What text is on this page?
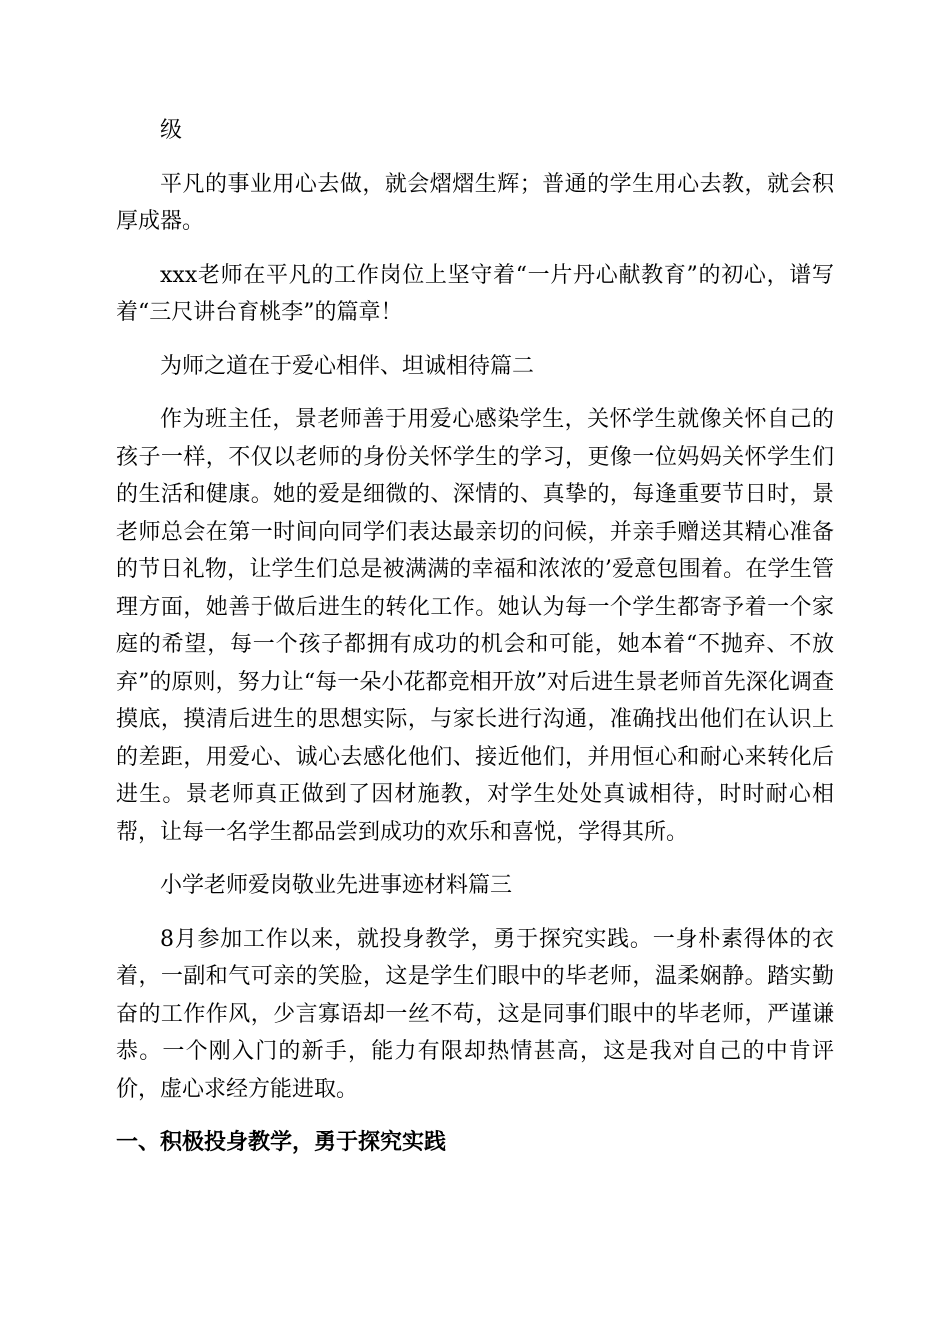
级

平凡的事业用心去做，就会熠熠生辉；普通的学生用心去教，就会积厚成器。

xxx老师在平凡的工作岗位上坚守着“一片丹心献教育”的初心，谱写着“三尺讲台育桃李”的篇章！

为师之道在于爱心相伴、坦诚相待篇二

作为班主任，景老师善于用爱心感染学生，关怀学生就像关怀自己的孩子一样，不仅以老师的身份关怀学生的学习，更像一位妈妈关怀学生们的生活和健康。她的爱是细微的、深情的、真挚的，每逢重要节日时，景老师总会在第一时间向同学们表达最亲切的问候，并亲手赠送其精心准备的节日礼物，让学生们总是被满满的幸福和浓浓的’爱意包围着。在学生管理方面，她善于做后进生的转化工作。她认为每一个学生都寄予着一个家庭的希望，每一个孩子都拥有成功的机会和可能，她本着“不抛弃、不放弃”的原则，努力让“每一朵小花都竞相开放”对后进生景老师首先深化调查摸底，摸清后进生的思想实际，与家长进行沟通，准确找出他们在认识上的差距，用爱心、诚心去感化他们、接近他们，并用恒心和耐心来转化后进生。景老师真正做到了因材施教，对学生处处真诚相待，时时耐心相帮，让每一名学生都品尝到成功的欢乐和喜悦，学得其所。

小学老师爱岗敬业先进事迹材料篇三

8月参加工作以来，就投身教学，勇于探究实践。一身朴素得体的衣着，一副和气可亲的笑脸，这是学生们眼中的毕老师，温柔娴静。踏实勤奋的工作作风，少言寡语却一丝不苟，这是同事们眼中的毕老师，严谨谦恭。一个刚入门的新手，能力有限却热情甚高，这是我对自己的中肯评价，虚心求经方能进取。

一、积极投身教学，勇于探究实践
